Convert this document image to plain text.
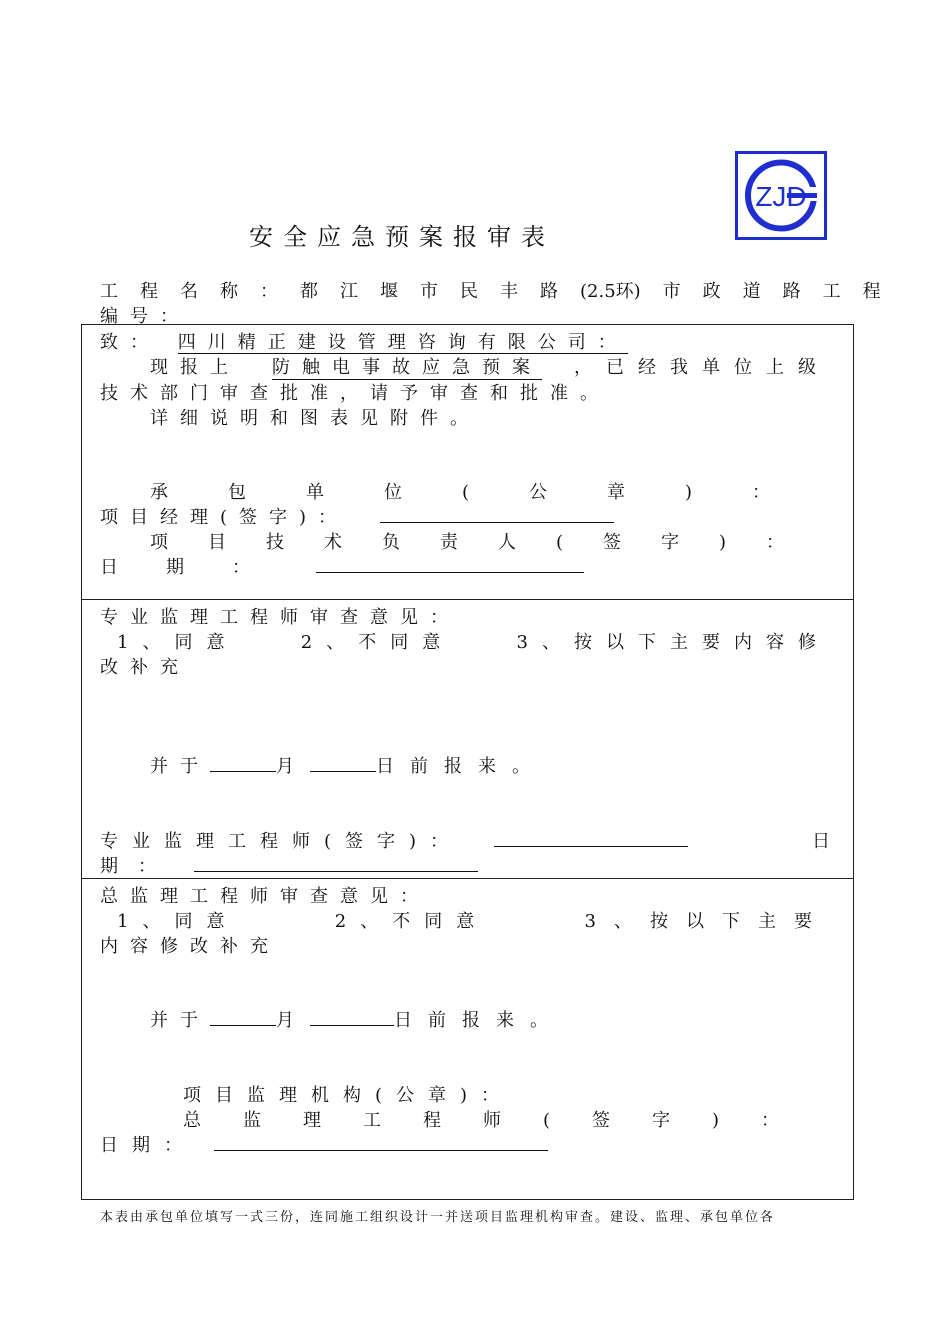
ZJD
安全应急预案报审表
工程名称： 都江堰市民丰路 (2.5环 )市政道路工程
编号：
致： 四川精正建设管理咨询有限公司：
现报上 防触电事故应急预案 ，已经我单位上级
技术部门审查批准，请予审查和批准。
详细说明和图表见附件。
承包单位(公章)：
项目经理(签字)：
项目技术负责人(签字)：
日期：
专业监理工程师审查意见：
1、同意	2、不同意	3、按以下主要内容修
改补充
并于	月	日前报来。
专业监理工程师(签字)：	日
期：
总监理工程师审查意见：
1、同意	2、不同意	3、按以下主要
内容修改补充
并于	月	日前报来。
项目监理机构(公章)：
总监理工程师(签字)：
日期：
本表由承包单位填写一式三份，连同施工组织设计一并送项目监理机构审查。建设、监理、承包单位各
